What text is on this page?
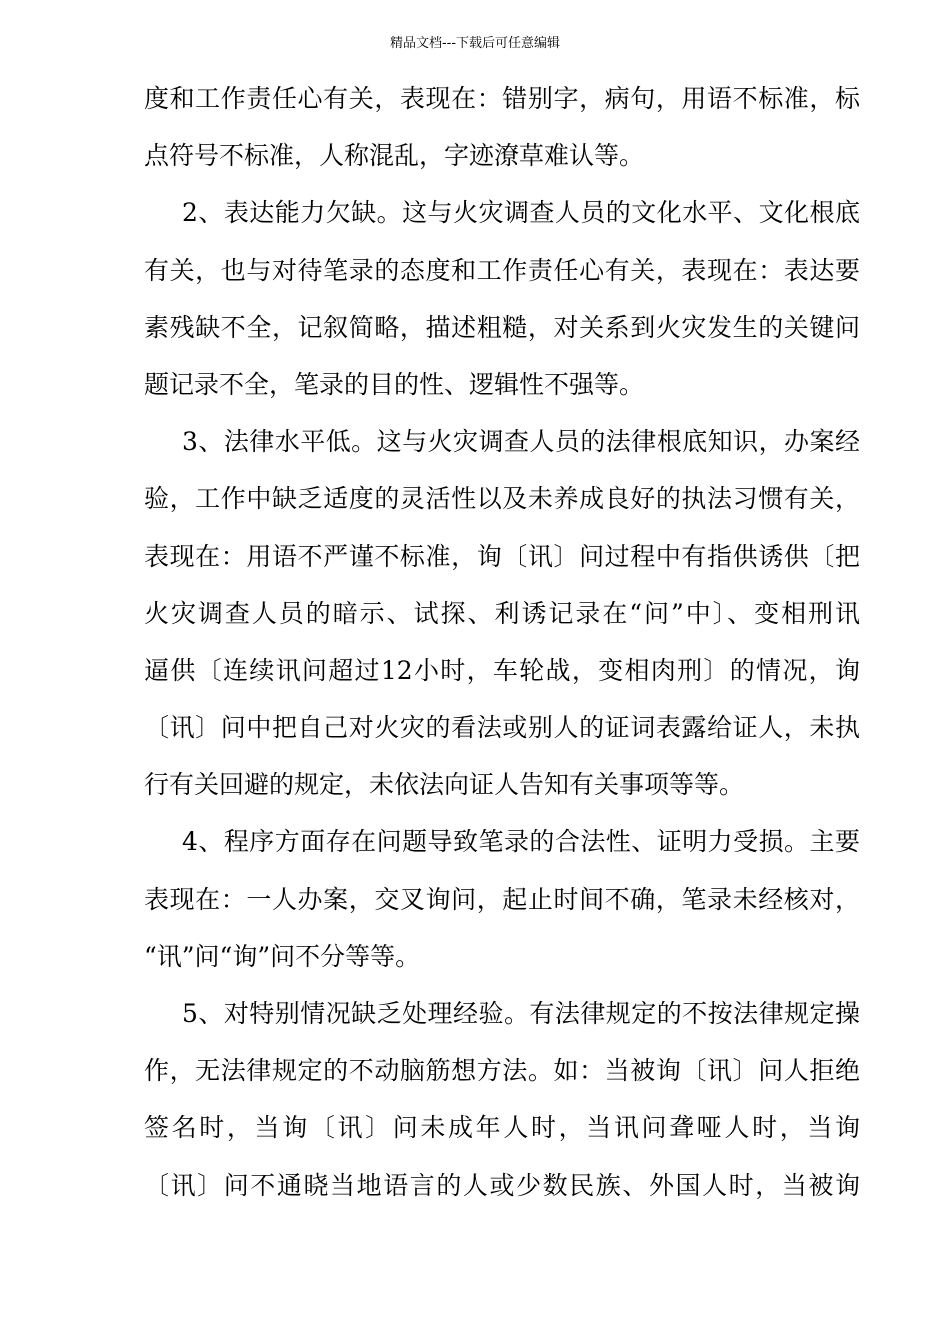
精品文档---下载后可任意编辑
度和工作责任心有关，表现在：错别字，病句，用语不标准，标
点符号不标准，人称混乱，字迹潦草难认等。
2、表达能力欠缺。这与火灾调查人员的文化水平、文化根底
有关，也与对待笔录的态度和工作责任心有关，表现在：表达要
素残缺不全，记叙简略，描述粗糙，对关系到火灾发生的关键问
题记录不全，笔录的目的性、逻辑性不强等。
3、法律水平低。这与火灾调查人员的法律根底知识，办案经
验，工作中缺乏适度的灵活性以及未养成良好的执法习惯有关，
表现在：用语不严谨不标准，询〔讯〕问过程中有指供诱供〔把
火灾调查人员的暗示、试探、利诱记录在“问”中〕、变相刑讯
逼供〔连续讯问超过12小时，车轮战，变相肉刑〕的情况，询
〔讯〕问中把自己对火灾的看法或别人的证词表露给证人，未执
行有关回避的规定，未依法向证人告知有关事项等等。
4、程序方面存在问题导致笔录的合法性、证明力受损。主要
表现在：一人办案，交叉询问，起止时间不确，笔录未经核对，
“讯”问“询”问不分等等。
5、对特别情况缺乏处理经验。有法律规定的不按法律规定操
作，无法律规定的不动脑筋想方法。如：当被询〔讯〕问人拒绝
签名时，当询〔讯〕问未成年人时，当讯问聋哑人时，当询
〔讯〕问不通晓当地语言的人或少数民族、外国人时，当被询
